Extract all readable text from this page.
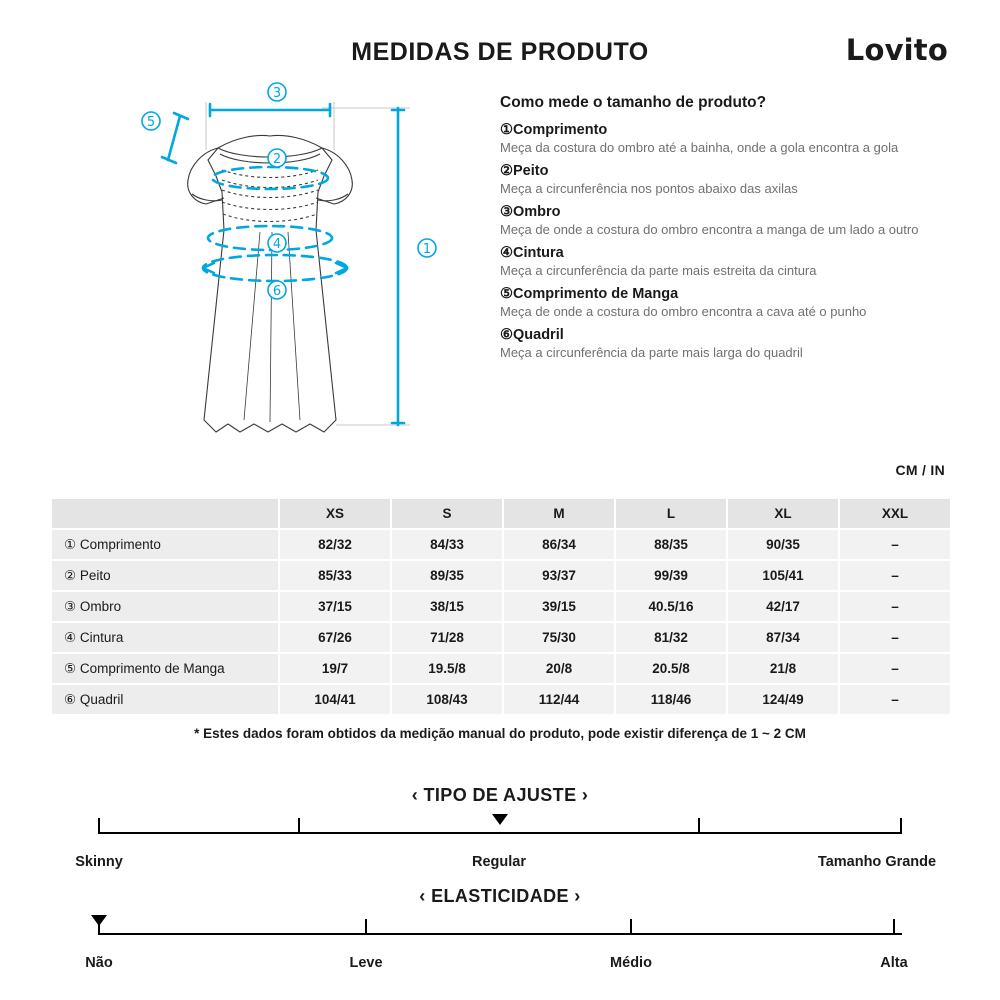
MEDIDAS DE PRODUTO	Lovito
3
2
4
6
5
1
Como mede o tamanho de produto?
①Comprimento
Meça da costura do ombro até a bainha, onde a gola encontra a gola
②Peito
Meça a circunferência nos pontos abaixo das axilas
③Ombro
Meça de onde a costura do ombro encontra a manga de um lado a outro
④Cintura
Meça a circunferência da parte mais estreita da cintura
⑤Comprimento de Manga
Meça de onde a costura do ombro encontra a cava até o punho
⑥Quadril
Meça a circunferência da parte mais larga do quadril
CM / IN
	XS	S	M	L	XL	XXL
① Comprimento	82/32	84/33	86/34	88/35	90/35	–
② Peito	85/33	89/35	93/37	99/39	105/41	–
③ Ombro	37/15	38/15	39/15	40.5/16	42/17	–
④ Cintura	67/26	71/28	75/30	81/32	87/34	–
⑤ Comprimento de Manga	19/7	19.5/8	20/8	20.5/8	21/8	–
⑥ Quadril	104/41	108/43	112/44	118/46	124/49	–
* Estes dados foram obtidos da medição manual do produto, pode existir diferença de 1 ~ 2 CM
‹ TIPO DE AJUSTE ›
Skinny	Regular	Tamanho Grande
‹ ELASTICIDADE ›
Não	Leve	Médio	Alta
